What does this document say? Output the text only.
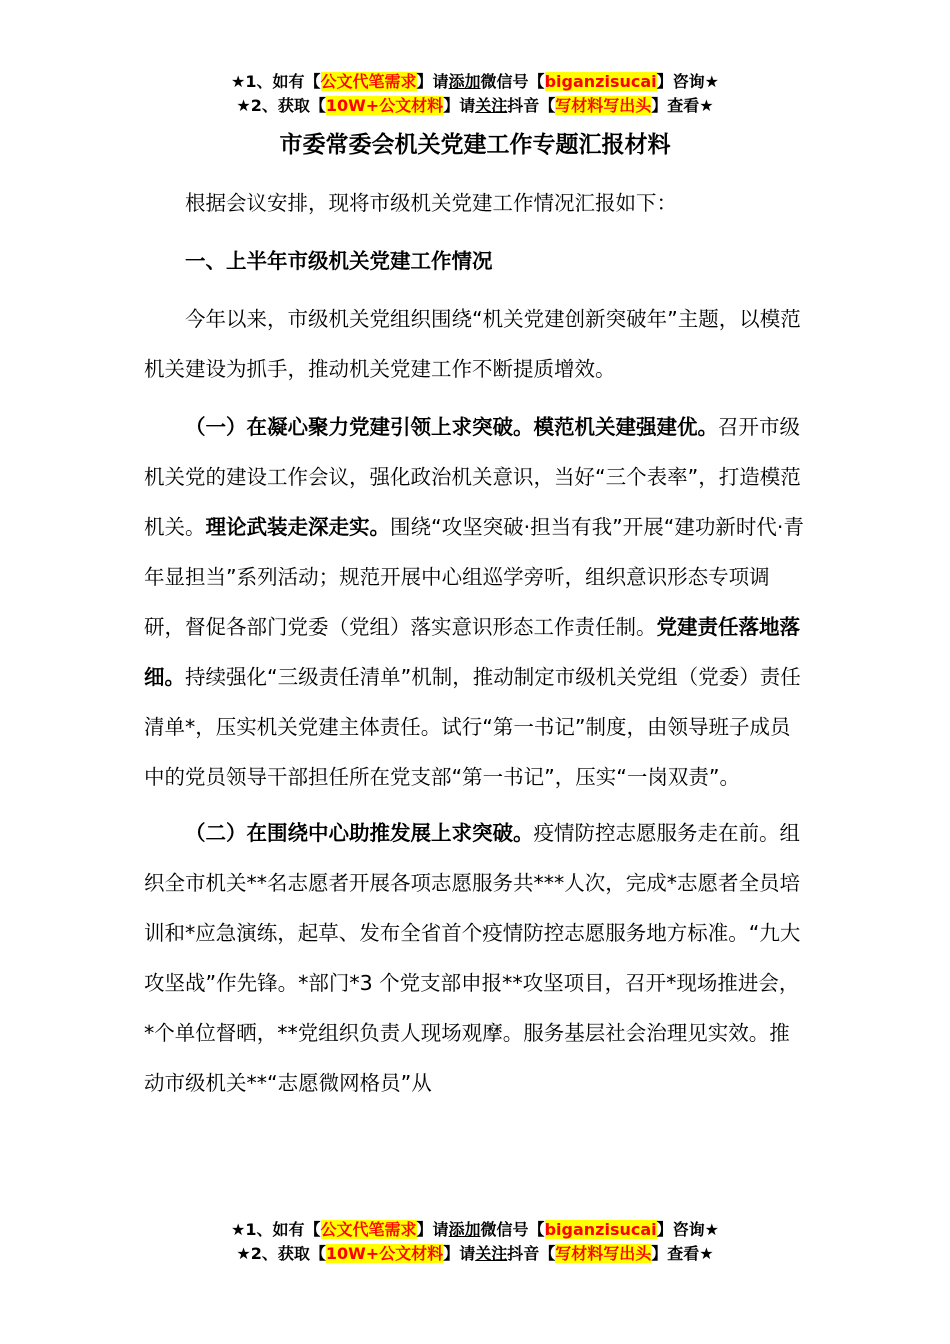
★1、如有【公文代笔需求】请添加微信号【biganzisucai】咨询★
★2、获取【10W+公文材料】请关注抖音【写材料写出头】查看★
市委常委会机关党建工作专题汇报材料

根据会议安排，现将市级机关党建工作情况汇报如下：

一、上半年市级机关党建工作情况

今年以来，市级机关党组织围绕“机关党建创新突破年”主题，以模范机关建设为抓手，推动机关党建工作不断提质增效。

（一）在凝心聚力党建引领上求突破。模范机关建强建优。召开市级机关党的建设工作会议，强化政治机关意识，当好“三个表率”，打造模范机关。理论武装走深走实。围绕“攻坚突破·担当有我”开展“建功新时代·青年显担当”系列活动；规范开展中心组巡学旁听，组织意识形态专项调研，督促各部门党委（党组）落实意识形态工作责任制。党建责任落地落细。持续强化“三级责任清单”机制，推动制定市级机关党组（党委）责任清单*，压实机关党建主体责任。试行“第一书记”制度，由领导班子成员中的党员领导干部担任所在党支部“第一书记”，压实“一岗双责”。

（二）在围绕中心助推发展上求突破。疫情防控志愿服务走在前。组织全市机关**名志愿者开展各项志愿服务共***人次，完成*志愿者全员培训和*应急演练，起草、发布全省首个疫情防控志愿服务地方标准。“九大攻坚战”作先锋。*部门*3 个党支部申报**攻坚项目，召开*现场推进会，*个单位督晒，**党组织负责人现场观摩。服务基层社会治理见实效。推动市级机关**“志愿微网格员”从

★1、如有【公文代笔需求】请添加微信号【biganzisucai】咨询★
★2、获取【10W+公文材料】请关注抖音【写材料写出头】查看★
